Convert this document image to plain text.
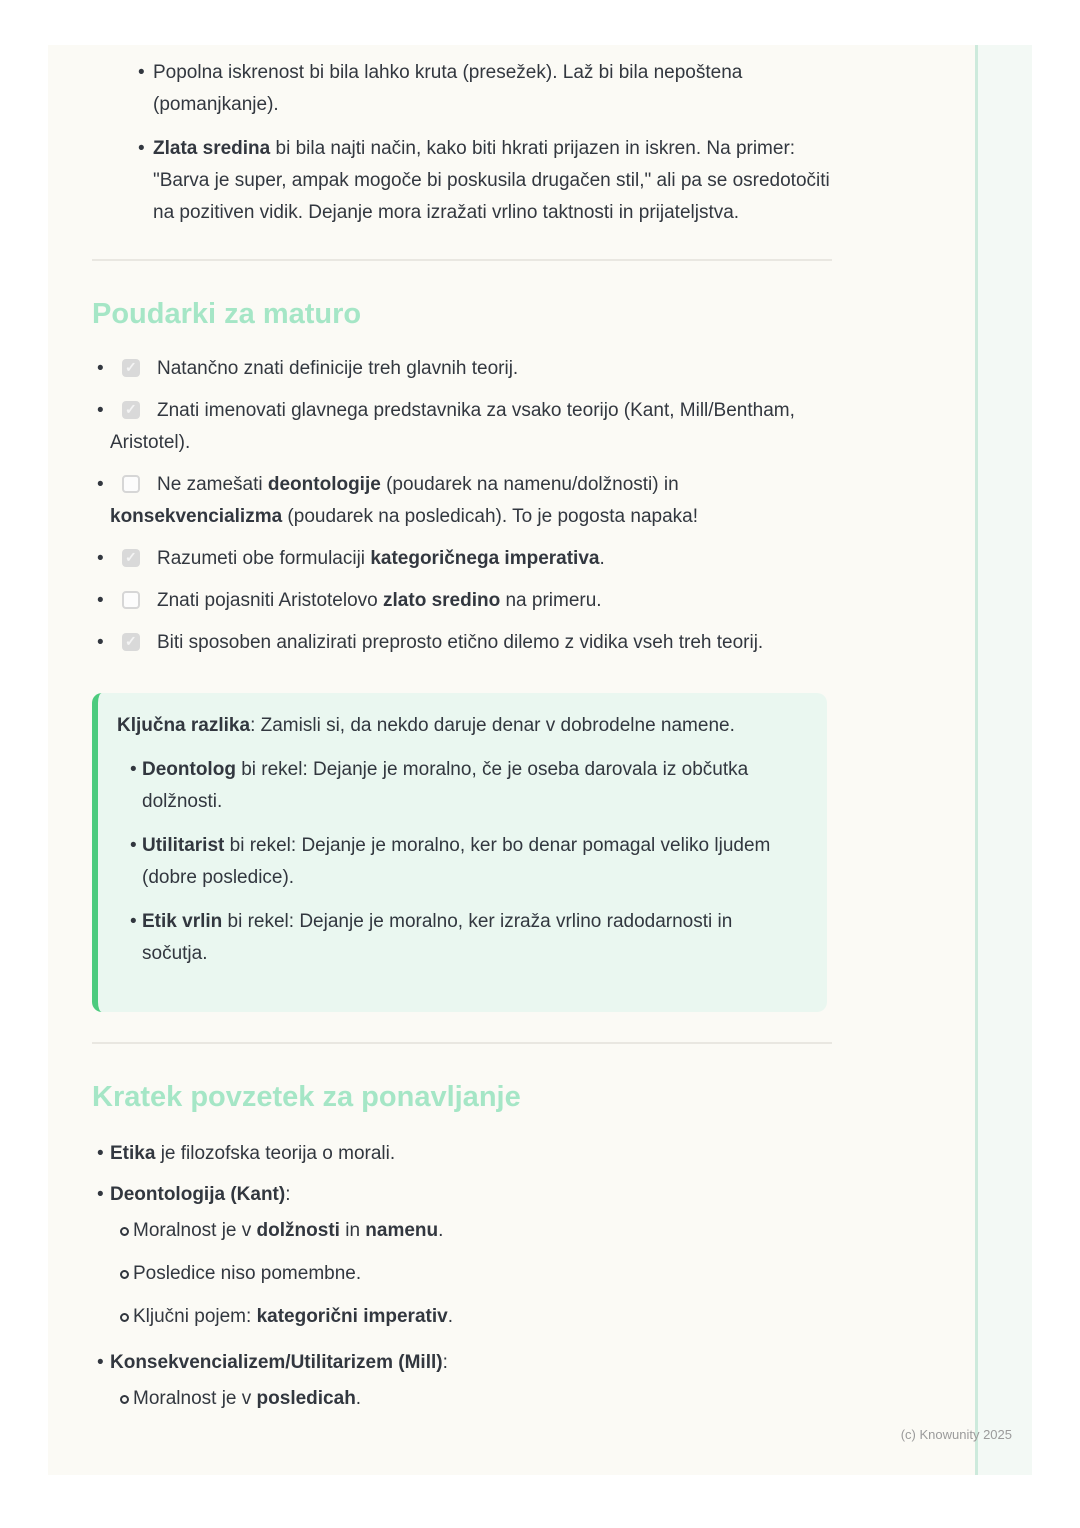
• Popolna iskrenost bi bila lahko kruta (presežek). Laž bi bila nepoštena (pomanjkanje).
• Zlata sredina bi bila najti način, kako biti hkrati prijazen in iskren. Na primer: "Barva je super, ampak mogoče bi poskusila drugačen stil," ali pa se osredotočiti na pozitiven vidik. Dejanje mora izražati vrlino taktnosti in prijateljstva.
Poudarki za maturo
✓• Natančno znati definicije treh glavnih teorij.
✓• Znati imenovati glavnega predstavnika za vsako teorijo (Kant, Mill/Bentham, Aristotel).
• Ne zamešati deontologije (poudarek na namenu/dolžnosti) in konsekvencializma (poudarek na posledicah). To je pogosta napaka!
✓• Razumeti obe formulaciji kategoričnega imperativa.
• Znati pojasniti Aristotelovo zlato sredino na primeru.
✓• Biti sposoben analizirati preprosto etično dilemo z vidika vseh treh teorij.

Ključna razlika: Zamisli si, da nekdo daruje denar v dobrodelne namene.

• Deontolog bi rekel: Dejanje je moralno, če je oseba darovala iz občutka dolžnosti.
• Utilitarist bi rekel: Dejanje je moralno, ker bo denar pomagal veliko ljudem (dobre posledice).
• Etik vrlin bi rekel: Dejanje je moralno, ker izraža vrlino radodarnosti in sočutja.
Kratek povzetek za ponavljanje
• Etika je filozofska teorija o morali.
• Deontologija (Kant):
Moralnost je v dolžnosti in namenu.
Posledice niso pomembne.
Ključni pojem: kategorični imperativ.
• Konsekvencializem/Utilitarizem (Mill):
Moralnost je v posledicah.
(c) Knowunity 2025
